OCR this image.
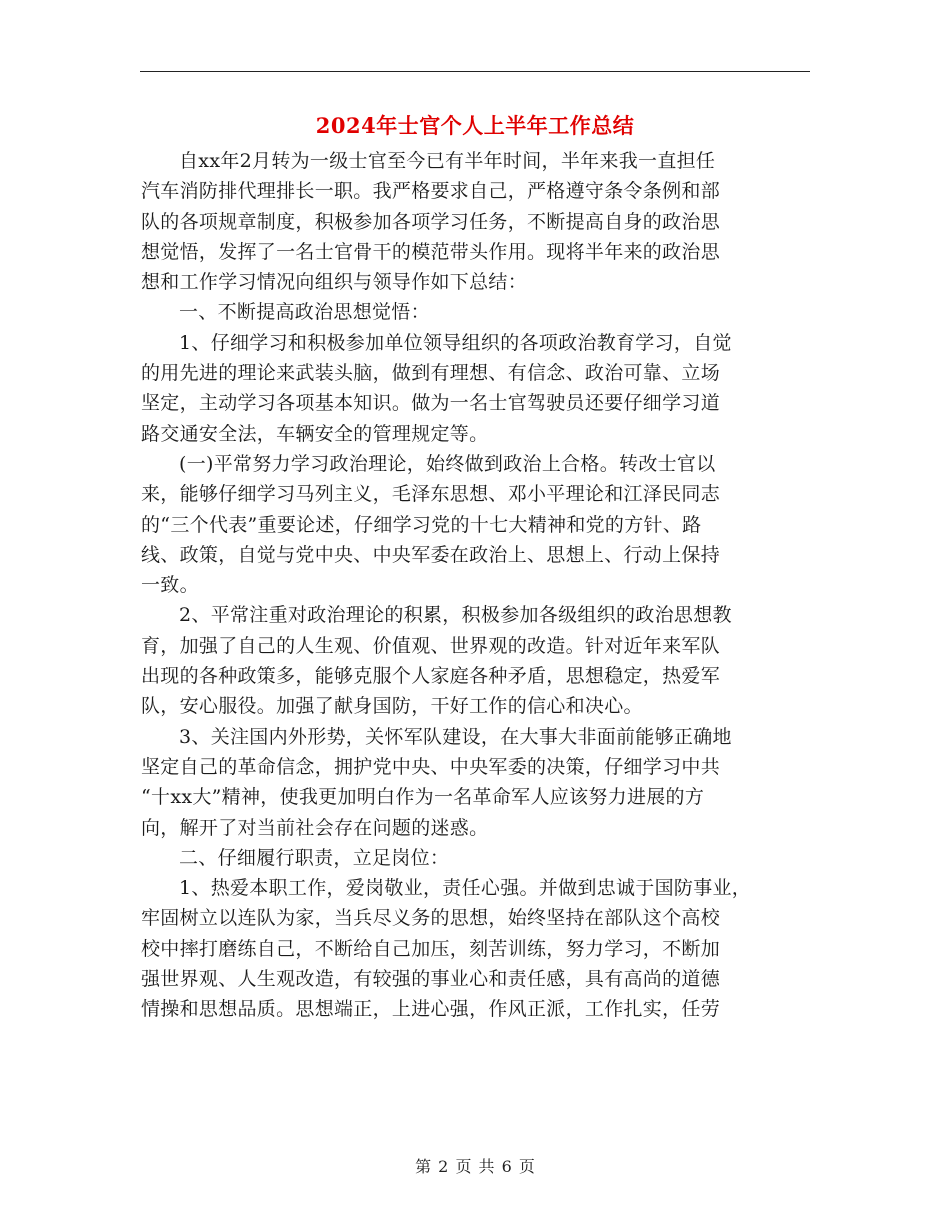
2024年士官个人上半年工作总结
自xx年2月转为一级士官至今已有半年时间，半年来我一直担任
汽车消防排代理排长一职。我严格要求自己，严格遵守条令条例和部
队的各项规章制度，积极参加各项学习任务，不断提高自身的政治思
想觉悟，发挥了一名士官骨干的模范带头作用。现将半年来的政治思
想和工作学习情况向组织与领导作如下总结：
一、不断提高政治思想觉悟：
1、仔细学习和积极参加单位领导组织的各项政治教育学习，自觉
的用先进的理论来武装头脑，做到有理想、有信念、政治可靠、立场
坚定，主动学习各项基本知识。做为一名士官驾驶员还要仔细学习道
路交通安全法，车辆安全的管理规定等。
(一)平常努力学习政治理论，始终做到政治上合格。转改士官以
来，能够仔细学习马列主义，毛泽东思想、邓小平理论和江泽民同志
的“三个代表”重要论述，仔细学习党的十七大精神和党的方针、路
线、政策，自觉与党中央、中央军委在政治上、思想上、行动上保持
一致。
2、平常注重对政治理论的积累，积极参加各级组织的政治思想教
育，加强了自己的人生观、价值观、世界观的改造。针对近年来军队
出现的各种政策多，能够克服个人家庭各种矛盾，思想稳定，热爱军
队，安心服役。加强了献身国防，干好工作的信心和决心。
3、关注国内外形势，关怀军队建设，在大事大非面前能够正确地
坚定自己的革命信念，拥护党中央、中央军委的决策，仔细学习中共
“十xx大”精神，使我更加明白作为一名革命军人应该努力进展的方
向，解开了对当前社会存在问题的迷惑。
二、仔细履行职责，立足岗位：
1、热爱本职工作，爱岗敬业，责任心强。并做到忠诚于国防事业，
牢固树立以连队为家，当兵尽义务的思想，始终坚持在部队这个高校
校中摔打磨练自己，不断给自己加压，刻苦训练，努力学习，不断加
强世界观、人生观改造，有较强的事业心和责任感，具有高尚的道德
情操和思想品质。思想端正，上进心强，作风正派，工作扎实，任劳
第 2 页 共 6 页
